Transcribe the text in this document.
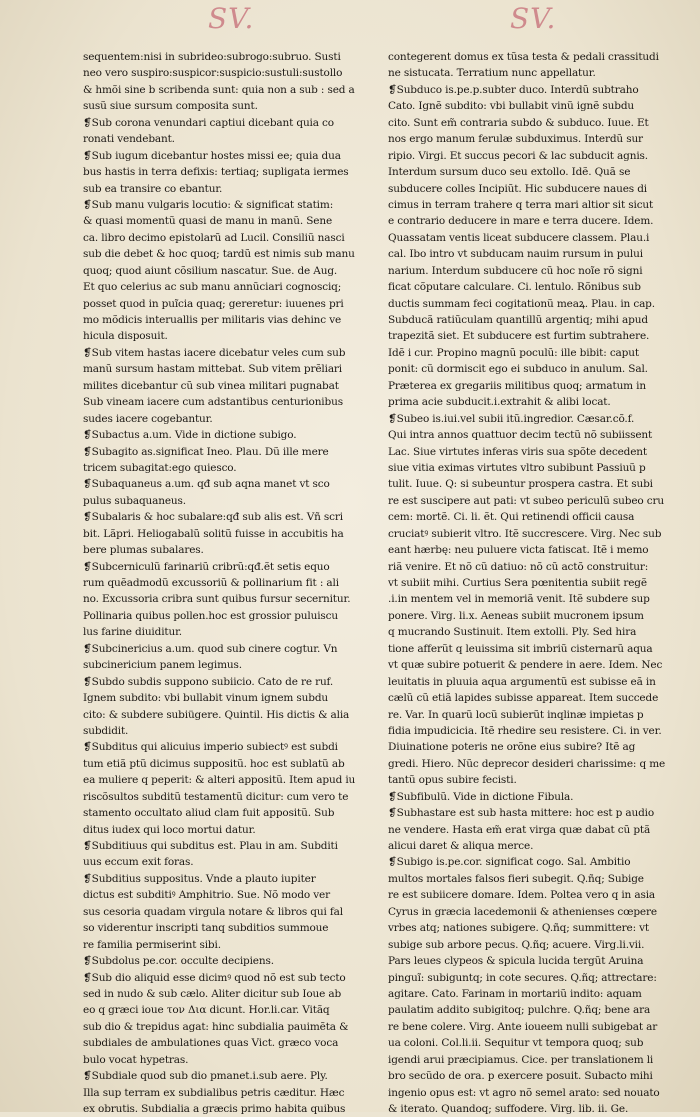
SV.	SV.
sequentem:nisi in subrideo:subrogo:subruo. Susti
neo vero suspiro:suspicor:suspicio:sustuli:sustollo
& hmõi sine b scribenda sunt: quia non a sub : sed a
susũ siue sursum composita sunt.
❡Sub corona venundari captiui dicebant quia co
ronati vendebant.
❡Sub iugum dicebantur hostes missi ee; quia dua
bus hastis in terra defixis: tertiaq; supligata iermes
sub ea transire co ebantur.
❡Sub manu vulgaris locutio: & significat statim:
& quasi momentũ quasi de manu in manũ. Sene
ca. libro decimo epistolarũ ad Lucil. Consiliũ nasci
sub die debet & hoc quoq; tardũ est nimis sub manu
quoq; quod aiunt cõsilium nascatur. Sue. de Aug.
Et quo celerius ac sub manu annũciari cognosciq;
posset quod in puĩcia quaq; gereretur: iuuenes pri
mo mõdicis interuallis per militaris vias dehinc ve
hicula disposuit.
❡Sub vitem hastas iacere dicebatur veles cum sub
manũ sursum hastam mittebat. Sub vitem prẽliari
milites dicebantur cũ sub vinea militari pugnabat
Sub vineam iacere cum adstantibus centurionibus
sudes iacere cogebantur.
❡Subactus a.um. Vide in dictione subigo.
❡Subagito as.significat Ineo. Plau. Dũ ille mere
tricem subagitat:ego quiesco.
❡Subaquaneus a.um. qđ sub aqna manet vt sco
pulus subaquaneus.
❡Subalaris & hoc subalare:qđ sub alis est. Vñ scri
bit. Lãpri. Heliogabalũ solitũ fuisse in accubitis ha
bere plumas subalares.
❡Subcerniculũ farinariũ cribrũ:qđ.ẽt setis equo
rum quẽadmodũ excussoriũ & pollinarium fit : ali
no. Excussoria cribra sunt quibus fursur secernitur.
Pollinaria quibus pollen.hoc est grossior puluiscu
lus farine diuiditur.
❡Subcinericius a.um. quod sub cinere cogtur. Vn
subcinericium panem legimus.
❡Subdo subdis suppono subiicio. Cato de re ruf.
Ignem subdito: vbi bullabit vinum ignem subdu
cito: & subdere subiügere. Quintil. His dictis & alia
subdidit.
❡Subditus qui alicuius imperio subiectꝰ est subdi
tum etiã ptũ dicimus suppositũ. hoc est sublatũ ab
ea muliere q peperit: & alteri appositũ. Item apud iu
riscõsultos subditũ testamentũ dicitur: cum vero te
stamento occultato aliud clam fuit appositũ. Sub
ditus iudex qui loco mortui datur.
❡Subditiuus qui subditus est. Plau in am. Subditi
uus eccum exit foras.
❡Subditius suppositus. Vnde a plauto iupiter
dictus est subditiꝰ Amphitrio. Sue. Nõ modo ver
sus cesoria quadam virgula notare & libros qui fal
so viderentur inscripti tanq subditios summoue
re familia permiserint sibi.
❡Subdolus pe.cor. occulte decipiens.
❡Sub dio aliquid esse dicimꝰ quod nõ est sub tecto
sed in nudo & sub cælo. Aliter dicitur sub Ioue ab
eo q græci ioue τον Δια dicunt. Hor.li.car. Vitãq
sub dio & trepidus agat: hinc subdialia pauimẽta &
subdiales de ambulationes quas Vict. græco voca
bulo vocat hypetras.
❡Subdiale quod sub dio pmanet.i.sub aere. Ply.
Illa sup terram ex subdialibus petris cæditur. Hæc
ex obrutis. Subdialia a græcis primo habita quibus
contegerent domus ex tũsa testa & pedali crassitudi
ne sistucata. Terratium nunc appellatur.
❡Subduco is.pe.p.subter duco. Interdũ subtraho
Cato. Ignẽ subdito: vbi bullabit vinũ ignẽ subdu
cito. Sunt em̃ contraria subdo & subduco. Iuue. Et
nos ergo manum ferulæ subduximus. Interdũ sur
ripio. Virgi. Et succus pecori & lac subducit agnis.
Interdum sursum duco seu extollo. Idẽ. Quã se
subducere colles Incipiũt. Hic subducere naues di
cimus in terram trahere q terra mari altior sit sicut
e contrario deducere in mare e terra ducere. Idem.
Quassatam ventis liceat subducere classem. Plau.i
cal. Ibo intro vt subducam nauim rursum in pului
narium. Interdum subducere cũ hoc noĩe rõ signi
ficat cõputare calculare. Ci. lentulo. Rõnibus sub
ductis summam feci cogitationũ meaꝝ. Plau. in cap.
Subducã ratiũculam quantillũ argentiq; mihi apud
trapezitã siet. Et subducere est furtim subtrahere.
Idẽ i cur. Propino magnũ poculũ: ille bibit: caput
ponit: cũ dormiscit ego ei subduco in anulum. Sal.
Præterea ex gregariis militibus quoq; armatum in
prima acie subducit.i.extrahit & alibi locat.
❡Subeo is.iui.vel subii itũ.ingredior. Cæsar.cõ.f.
Qui intra annos quattuor decim tectũ nõ subiissent
Lac. Siue virtutes inferas viris sua spõte decedent
siue vitia eximas virtutes vltro subibunt Passiuũ p
tulit. Iuue. Q: si subeuntur prospera castra. Et subi
re est suscipere aut pati: vt subeo periculũ subeo cru
cem: mortẽ. Ci. li. ẽt. Qui retinendi officii causa
cruciatꝰ subierit vltro. Itẽ succrescere. Virg. Nec sub
eant hærbę: neu puluere victa fatiscat. Itẽ i memo
riã venire. Et nõ cũ datiuo: nõ cũ actõ construitur:
vt subiit mihi. Curtius Sera pœnitentia subiit regẽ
.i.in mentem vel in memoriã venit. Itẽ subdere sup
ponere. Virg. li.x. Aeneas subiit mucronem ipsum
q mucrando Sustinuit. Item extolli. Ply. Sed hira
tione afferũt q leuissima sit imbriũ cisternarũ aqua
vt quæ subire potuerit & pendere in aere. Idem. Nec
leuitatis in pluuia aqua argumentũ est subisse eã in
cælũ cũ etiã lapides subisse appareat. Item succede
re. Var. In quarũ locũ subierũt inqlinæ impietas p
fidia impudicicia. Itẽ rhedire seu resistere. Ci. in ver.
Diuinatione poteris ne orõne eius subire? Itẽ ag
gredi. Hiero. Nũc deprecor desideri charissime: q me
tantũ opus subire fecisti.
❡Subfibulũ. Vide in dictione Fibula.
❡Subhastare est sub hasta mittere: hoc est p audio
ne vendere. Hasta em̃ erat virga quæ dabat cũ ptã
alicui daret & aliqua merce.
❡Subigo is.pe.cor. significat cogo. Sal. Ambitio
multos mortales falsos fieri subegit. Q.ñq; Subige
re est subiicere domare. Idem. Poltea vero q in asia
Cyrus in græcia lacedemonii & athenienses cœpere
vrbes atq; nationes subigere. Q.ñq; summittere: vt
subige sub arbore pecus. Q.ñq; acuere. Virg.li.vii.
Pars leues clypeos & spicula lucida tergũt Aruina
pinguĩ: subiguntq; in cote secures. Q.ñq; attrectare:
agitare. Cato. Farinam in mortariũ indito: aquam
paulatim addito subigitoq; pulchre. Q.ñq; bene ara
re bene colere. Virg. Ante ioueem nulli subigebat ar
ua coloni. Col.li.ii. Sequitur vt tempora quoq; sub
igendi arui præcipiamus. Cice. per translationem li
bro secũdo de ora. p exercere posuit. Subacto mihi
ingenio opus est: vt agro nõ semel arato: sed nouato
& iterato. Quandoq; suffodere. Virg. lib. ii. Ge.
